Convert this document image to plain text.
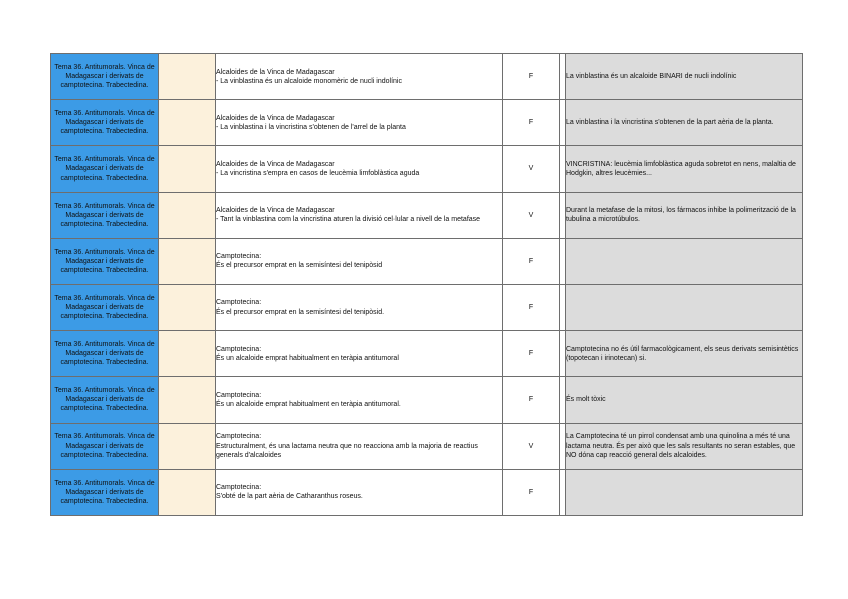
Tema 36. Antitumorals. Vinca de Madagascar i derivats de camptotecina. Trabectedina.		Alcaloides de la Vinca de Madagascar
- La vinblastina és un alcaloide monomèric de nucli indolínic	F		La vinblastina és un alcaloide BINARI de nucli indolínic
Tema 36. Antitumorals. Vinca de Madagascar i derivats de camptotecina. Trabectedina.		Alcaloides de la Vinca de Madagascar
- La vinblastina i la vincristina s'obtenen de l'arrel de la planta	F		La vinblastina i la vincristina s'obtenen de la part aèria de la planta.
Tema 36. Antitumorals. Vinca de Madagascar i derivats de camptotecina. Trabectedina.		Alcaloides de la Vinca de Madagascar
- La vincristina s'empra en casos de leucèmia limfoblàstica aguda	V		VINCRISTINA: leucèmia limfoblàstica aguda sobretot en nens, malaltia de Hodgkin, altres leucèmies...
Tema 36. Antitumorals. Vinca de Madagascar i derivats de camptotecina. Trabectedina.		Alcaloides de la Vinca de Madagascar
- Tant la vinblastina com la vincristina aturen la divisió cel·lular a nivell de la metafase	V		Durant la metafase de la mitosi, los fármacos inhibe la polimerització de la tubulina a microtúbulos.
Tema 36. Antitumorals. Vinca de Madagascar i derivats de camptotecina. Trabectedina.		Camptotecina:
És el precursor emprat en la semisíntesi del tenipòsid	F		
Tema 36. Antitumorals. Vinca de Madagascar i derivats de camptotecina. Trabectedina.		Camptotecina:
És el precursor emprat en la semisíntesi del tenipòsid.	F		
Tema 36. Antitumorals. Vinca de Madagascar i derivats de camptotecina. Trabectedina.		Camptotecina:
És un alcaloide emprat habitualment en teràpia antitumoral	F		Camptotecina no és útil farmacològicament, els seus derivats semisintètics (topotecan i irinotecan) si.
Tema 36. Antitumorals. Vinca de Madagascar i derivats de camptotecina. Trabectedina.		Camptotecina:
És un alcaloide emprat habitualment en teràpia antitumoral.	F		És molt tòxic
Tema 36. Antitumorals. Vinca de Madagascar i derivats de camptotecina. Trabectedina.		Camptotecina:
Estructuralment, és una lactama neutra que no reacciona amb la majoria de reactius generals d'alcaloides	V		La Camptotecina té un pirrol condensat amb una quinolina a més té una lactama neutra. És per això que les sals resultants no seran estables, que NO dóna cap reacció general dels alcaloides.
Tema 36. Antitumorals. Vinca de Madagascar i derivats de camptotecina. Trabectedina.		Camptotecina:
S'obté de la part aèria de Catharanthus roseus.	F		
